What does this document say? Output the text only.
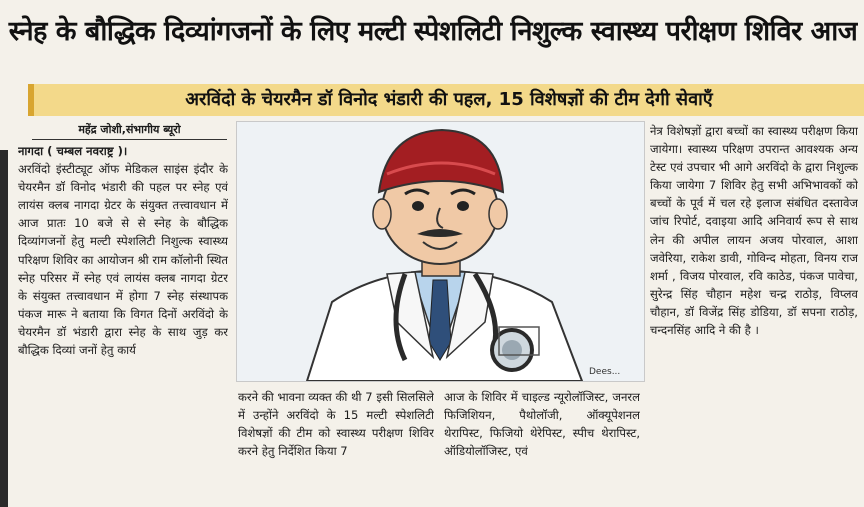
स्नेह के बौद्धिक दिव्यांगजनों के लिए मल्टी स्पेशलिटी निशुल्क स्वास्थ्य परीक्षण शिविर आज
अरविंदो के चेयरमैन डॉ विनोद भंडारी की पहल, 15 विशेषज्ञों की टीम देगी सेवाएँ
महेंद्र जोशी,संभागीय ब्यूरो
नागदा ( चम्बल नवराष्ट्र )।
अरविंदो इंस्टीट्यूट ऑफ मेडिकल साइंस इंदौर के चेयरमैन डॉ विनोद भंडारी की पहल पर स्नेह एवं लायंस क्लब नागदा ग्रेटर के संयुक्त तत्त्वावधान में आज प्रातः 10 बजे से से स्नेह के बौद्धिक दिव्यांगजनों हेतु मल्टी स्पेशलिटी निशुल्क स्वास्थ्य परिक्षण शिविर का आयोजन श्री राम कॉलोनी स्थित स्नेह परिसर में स्नेह एवं लायंस क्लब नागदा ग्रेटर के संयुक्त तत्त्वावधान में होगा 7 स्नेह संस्थापक पंकज मारू ने बताया कि विगत दिनों अरविंदो के चेयरमैन डॉ भंडारी द्वारा स्नेह के साथ जुड़ कर बौद्धिक दिव्यां जनों हेतु कार्य
Dees...
करने की भावना व्यक्त की थी 7 इसी सिलसिले में उन्होंने अरविंदो के 15 मल्टी स्पेशलिटी विशेषज्ञों की टीम को स्वास्थ्य परीक्षण शिविर करने हेतु निर्देशित किया 7
आज के शिविर में चाइल्ड न्यूरोलॉजिस्ट, जनरल फिजिशियन, पैथोलॉजी, ऑक्यूपेशनल थेरापिस्ट, फिजियो थेरेपिस्ट, स्पीच थेरापिस्ट, ऑडियोलॉजिस्ट, एवं
नेत्र विशेषज्ञों द्वारा बच्चों का स्वास्थ्य परीक्षण किया जायेगा। स्वास्थ्य परिक्षण उपरान्त आवश्यक अन्य टेस्ट एवं उपचार भी आगे अरविंदो के द्वारा निशुल्क किया जायेगा 7 शिविर हेतु सभी अभिभावकों को बच्चों के पूर्व में चल रहे इलाज संबंधित दस्तावेज जांच रिपोर्ट, दवाइया आदि अनिवार्य रूप से साथ लेन की अपील लायन अजय पोरवाल, आशा जवेरिया, राकेश डावी, गोविन्द मोहता, विनय राज शर्मा , विजय पोरवाल, रवि काठेड, पंकज पावेचा, सुरेन्द्र सिंह चौहान महेश चन्द्र राठोड़, विप्लव चौहान, डॉ विजेंद्र सिंह डोडिया, डॉ सपना राठोड़, चन्दनसिंह आदि ने की है ।
